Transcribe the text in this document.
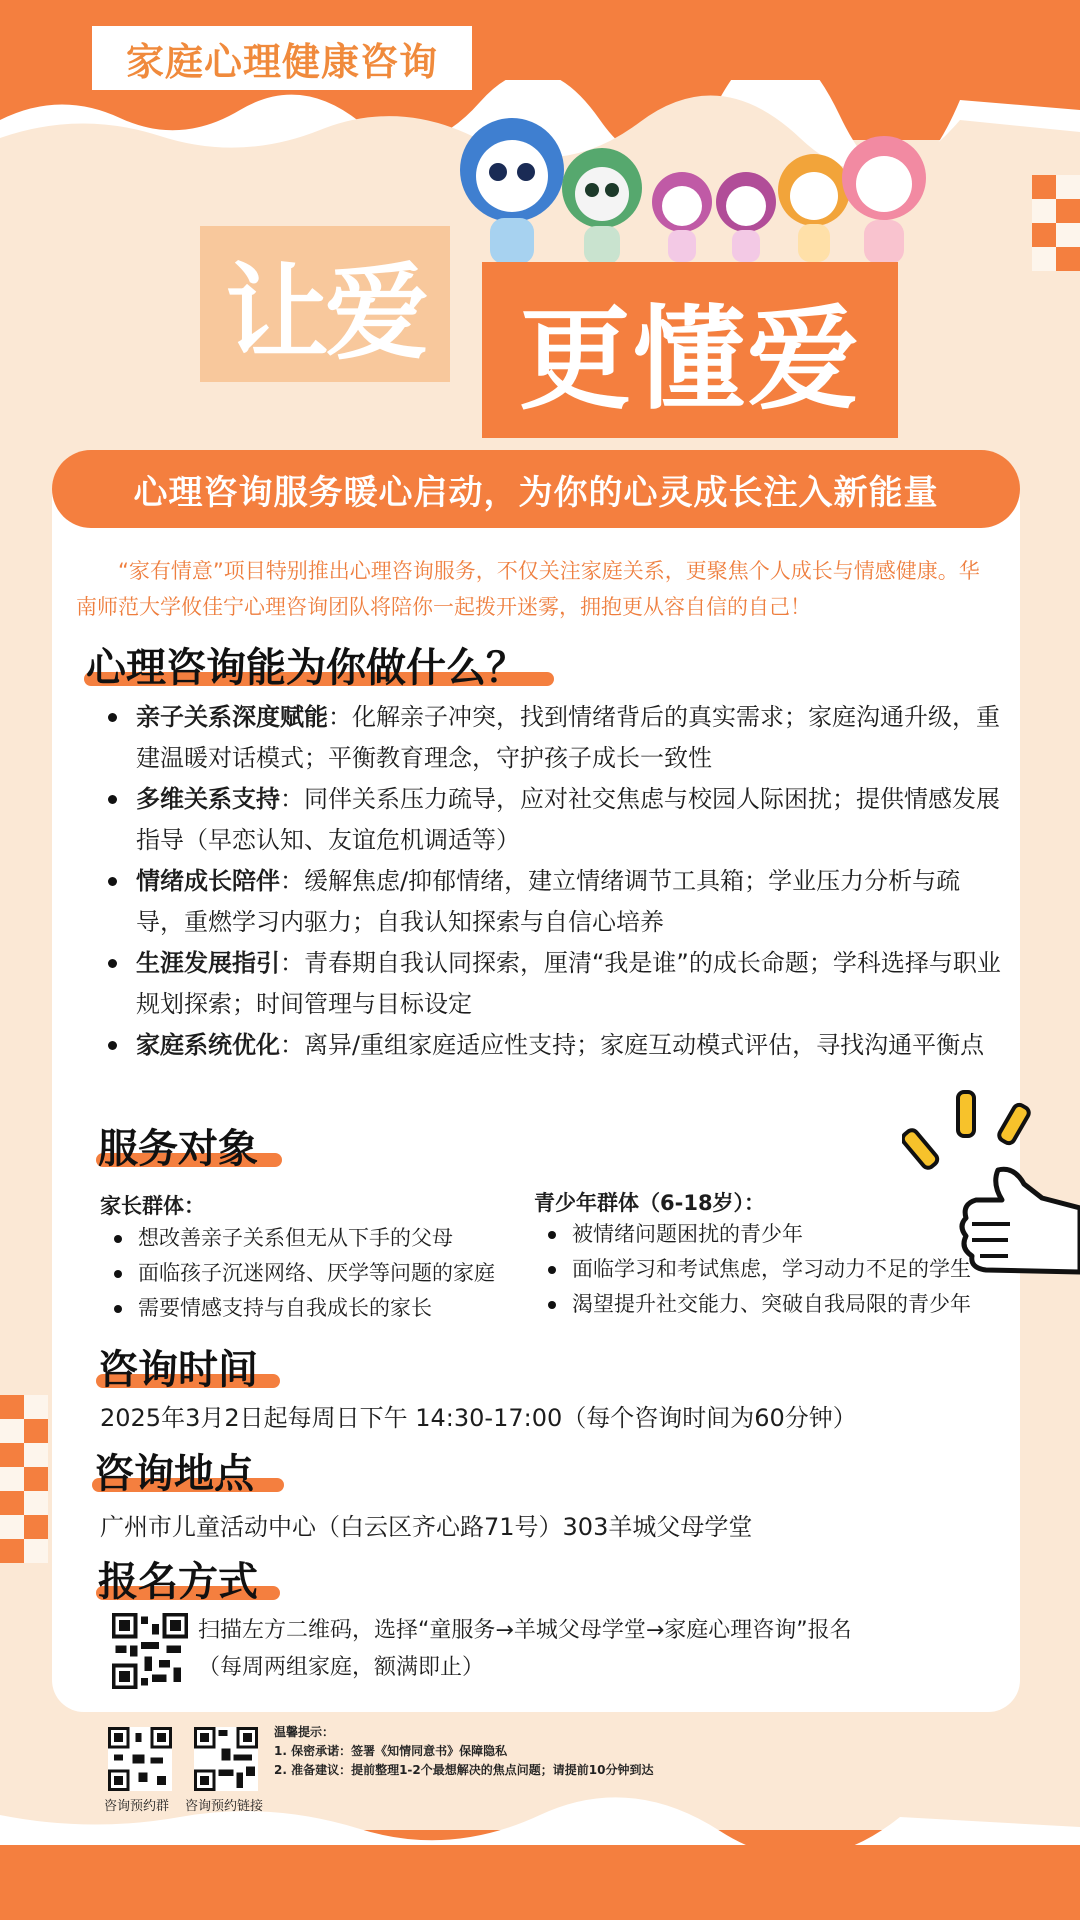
家庭心理健康咨询
让爱 更懂爱
心理咨询服务暖心启动，为你的心灵成长注入新能量

“家有情意”项目特别推出心理咨询服务，不仅关注家庭关系，更聚焦个人成长与情感健康。华南师范大学攸佳宁心理咨询团队将陪你一起拨开迷雾，拥抱更从容自信的自己！

心理咨询能为你做什么？
亲子关系深度赋能：化解亲子冲突，找到情绪背后的真实需求；家庭沟通升级，重建温暖对话模式；平衡教育理念，守护孩子成长一致性
多维关系支持：同伴关系压力疏导，应对社交焦虑与校园人际困扰；提供情感发展指导（早恋认知、友谊危机调适等）
情绪成长陪伴：缓解焦虑/抑郁情绪，建立情绪调节工具箱；学业压力分析与疏导，重燃学习内驱力；自我认知探索与自信心培养
生涯发展指引：青春期自我认同探索，厘清“我是谁”的成长命题；学科选择与职业规划探索；时间管理与目标设定
家庭系统优化：离异/重组家庭适应性支持；家庭互动模式评估，寻找沟通平衡点
服务对象
家长群体：
想改善亲子关系但无从下手的父母
面临孩子沉迷网络、厌学等问题的家庭
需要情感支持与自我成长的家长
青少年群体（6-18岁）：
被情绪问题困扰的青少年
面临学习和考试焦虑，学习动力不足的学生
渴望提升社交能力、突破自我局限的青少年
咨询时间
2025年3月2日起每周日下午 14:30-17:00（每个咨询时间为60分钟）
咨询地点
广州市儿童活动中心（白云区齐心路71号）303羊城父母学堂
报名方式
扫描左方二维码，选择“童服务→羊城父母学堂→家庭心理咨询”报名
（每周两组家庭，额满即止）
咨询预约群 咨询预约链接
温馨提示：
1. 保密承诺：签署《知情同意书》保障隐私
2. 准备建议：提前整理1-2个最想解决的焦点问题；请提前10分钟到达
